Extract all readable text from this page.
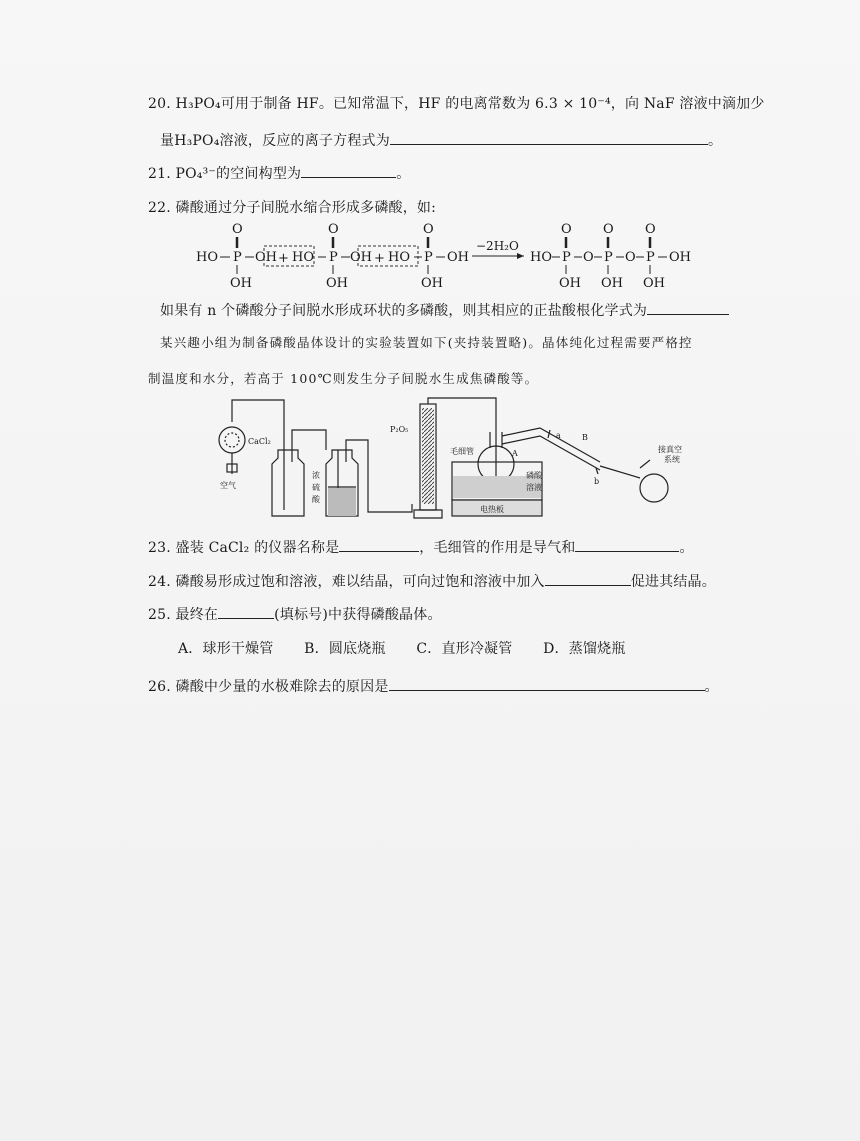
20. H₃PO₄可用于制备 HF。已知常温下，HF 的电离常数为 6.3 × 10⁻⁴，向 NaF 溶液中滴加少
量H₃PO₄溶液，反应的离子方程式为	。
21. PO₄³⁻的空间构型为	。
22. 磷酸通过分子间脱水缩合形成多磷酸，如:
HO P
O
OH
OH + HO P
O
OH
OH + HO P
O
OH
OH
−2H₂O
HO P
O
OH
O P
O
OH
O P
O
OH
OH
如果有 n 个磷酸分子间脱水形成环状的多磷酸，则其相应的正盐酸根化学式为
某兴趣小组为制备磷酸晶体设计的实验装置如下(夹持装置略)。晶体纯化过程需要严格控
制温度和水分，若高于 100℃则发生分子间脱水生成焦磷酸等。
CaCl₂
空气
浓
硫
酸
P₂O₅
毛细管	A
B
a
b
磷酸
溶液
电热板
接真空
系统
23. 盛装 CaCl₂ 的仪器名称是	，毛细管的作用是导气和	。
24. 磷酸易形成过饱和溶液，难以结晶，可向过饱和溶液中加入	促进其结晶。
25. 最终在	(填标号)中获得磷酸晶体。
A．球形干燥管 B．圆底烧瓶 C．直形冷凝管 D．蒸馏烧瓶
26. 磷酸中少量的水极难除去的原因是	。
